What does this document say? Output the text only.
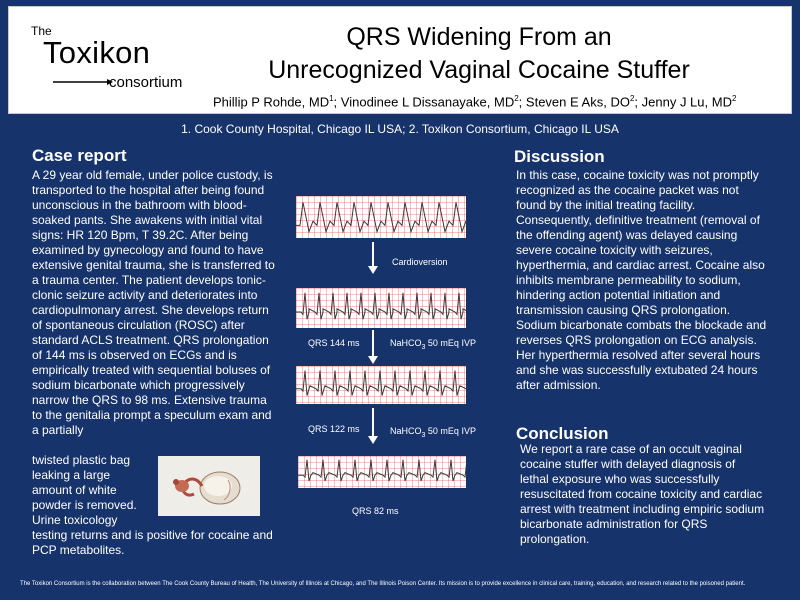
The
Toxikon
consortium
QRS Widening From an
Unrecognized Vaginal Cocaine Stuffer
Phillip P Rohde, $MD^1$; Vinodinee L Dissanayake, $MD^2$; Steven E Aks, $DO^2$; Jenny J Lu, $MD^2$
1. Cook County Hospital, Chicago IL USA; 2. Toxikon Consortium, Chicago IL USA
Case report
A 29 year old female, under police custody, is transported to the hospital after being found unconscious in the bathroom with blood-soaked pants. She awakens with initial vital signs: HR 120 Bpm, T 39.2C. After being examined by gynecology and found to have extensive genital trauma, she is transferred to a trauma center. The patient develops tonic-clonic seizure activity and deteriorates into cardiopulmonary arrest. She develops return of spontaneous circulation (ROSC) after standard ACLS treatment. QRS prolongation of 144 ms is observed on ECGs and is empirically treated with sequential boluses of sodium bicarbonate which progressively narrow the QRS to 98 ms. Extensive trauma to the genitalia prompt a speculum exam and a partially
twisted plastic bag leaking a large amount of white powder is removed. Urine toxicology
testing returns and is positive for cocaine and PCP metabolites.
Cardioversion
QRS 144 ms	NaHCO$_3$ 50 mEq IVP
QRS 122 ms	NaHCO$_3$ 50 mEq IVP
QRS 82 ms
Discussion
In this case, cocaine toxicity was not promptly recognized as the cocaine packet was not found by the initial treating facility. Consequently, definitive treatment (removal of the offending agent) was delayed causing severe cocaine toxicity with seizures, hyperthermia, and cardiac arrest. Cocaine also inhibits membrane permeability to sodium, hindering action potential initiation and transmission causing QRS prolongation. Sodium bicarbonate combats the blockade and reverses QRS prolongation on ECG analysis. Her hyperthermia resolved after several hours and she was successfully extubated 24 hours after admission.
Conclusion
We report a rare case of an occult vaginal cocaine stuffer with delayed diagnosis of lethal exposure who was successfully resuscitated from cocaine toxicity and cardiac arrest with treatment including empiric sodium bicarbonate administration for QRS prolongation.
The Toxikon Consortium is the collaboration between The Cook County Bureau of Health, The University of Illinois at Chicago, and The Illinois Poison Center. Its mission is to provide excellence in clinical care, training, education, and research related to the poisoned patient.
